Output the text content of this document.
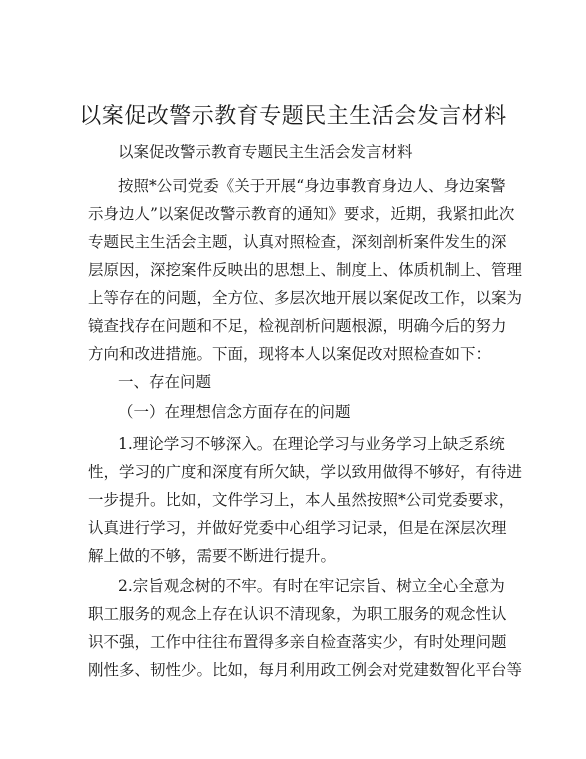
以案促改警示教育专题民主生活会发言材料
以案促改警示教育专题民主生活会发言材料
按照*公司党委《关于开展“身边事教育身边人、身边案警
示身边人”以案促改警示教育的通知》要求，近期，我紧扣此次
专题民主生活会主题，认真对照检查，深刻剖析案件发生的深
层原因，深挖案件反映出的思想上、制度上、体质机制上、管理
上等存在的问题，全方位、多层次地开展以案促改工作，以案为
镜查找存在问题和不足，检视剖析问题根源，明确今后的努力
方向和改进措施。下面，现将本人以案促改对照检查如下：
一、存在问题
（一）在理想信念方面存在的问题
1.理论学习不够深入。在理论学习与业务学习上缺乏系统
性，学习的广度和深度有所欠缺，学以致用做得不够好，有待进
一步提升。比如，文件学习上，本人虽然按照*公司党委要求，
认真进行学习，并做好党委中心组学习记录，但是在深层次理
解上做的不够，需要不断进行提升。
2.宗旨观念树的不牢。有时在牢记宗旨、树立全心全意为
职工服务的观念上存在认识不清现象，为职工服务的观念性认
识不强，工作中往往布置得多亲自检查落实少，有时处理问题
刚性多、韧性少。比如，每月利用政工例会对党建数智化平台等
